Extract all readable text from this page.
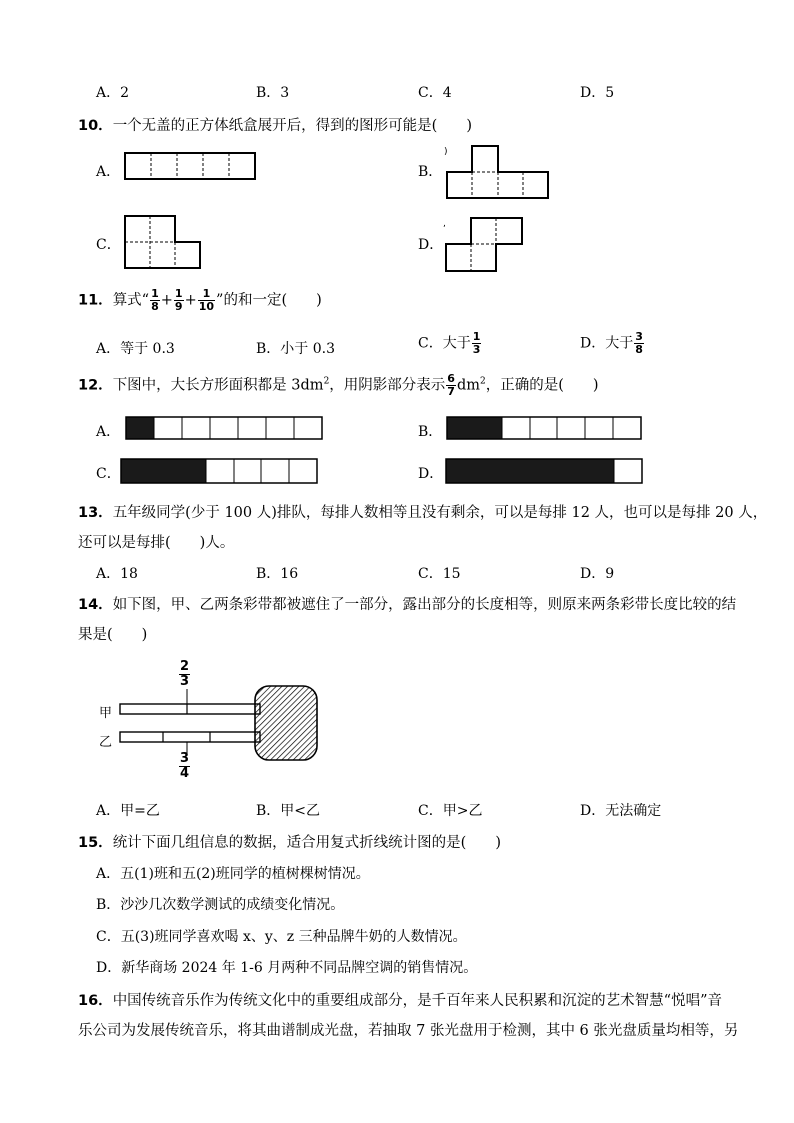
A．2	B．3	C．4	D．5
10．一个无盖的正方体纸盒展开后，得到的图形可能是(　　)
A．	B．
C．	D．
)
,
11．算式“ $\frac{1}{8} + \frac{1}{9} + \frac{1}{10}$ ”的和一定(　　)
A．等于 0.3	B．小于 0.3	C．大于 $\frac{1}{3}$	D．大于 $\frac{3}{8}$
12．下图中，大长方形面积都是 $3dm^2$，用阴影部分表示 $\frac{6}{7} dm^2$，正确的是(　　)
A．	B．
C．	D．
13．五年级同学(少于 100 人)排队，每排人数相等且没有剩余，可以是每排 12 人，也可以是每排 20 人，
还可以是每排(　　)人。
A．18	B．16	C．15	D．9
14．如下图，甲、乙两条彩带都被遮住了一部分，露出部分的长度相等，则原来两条彩带长度比较的结
果是(　　)
$\frac{2}{3}$
$\frac{3}{4}$
甲
乙
A．甲=乙	B．甲<乙	C．甲>乙	D．无法确定
15．统计下面几组信息的数据，适合用复式折线统计图的是(　　)
A．五(1)班和五(2)班同学的植树棵树情况。
B．沙沙几次数学测试的成绩变化情况。
C．五(3)班同学喜欢喝 x、y、z 三种品牌牛奶的人数情况。
D．新华商场 2024 年 1-6 月两种不同品牌空调的销售情况。
16．中国传统音乐作为传统文化中的重要组成部分，是千百年来人民积累和沉淀的艺术智慧“悦唱”音
乐公司为发展传统音乐，将其曲谱制成光盘，若抽取 7 张光盘用于检测，其中 6 张光盘质量均相等，另
